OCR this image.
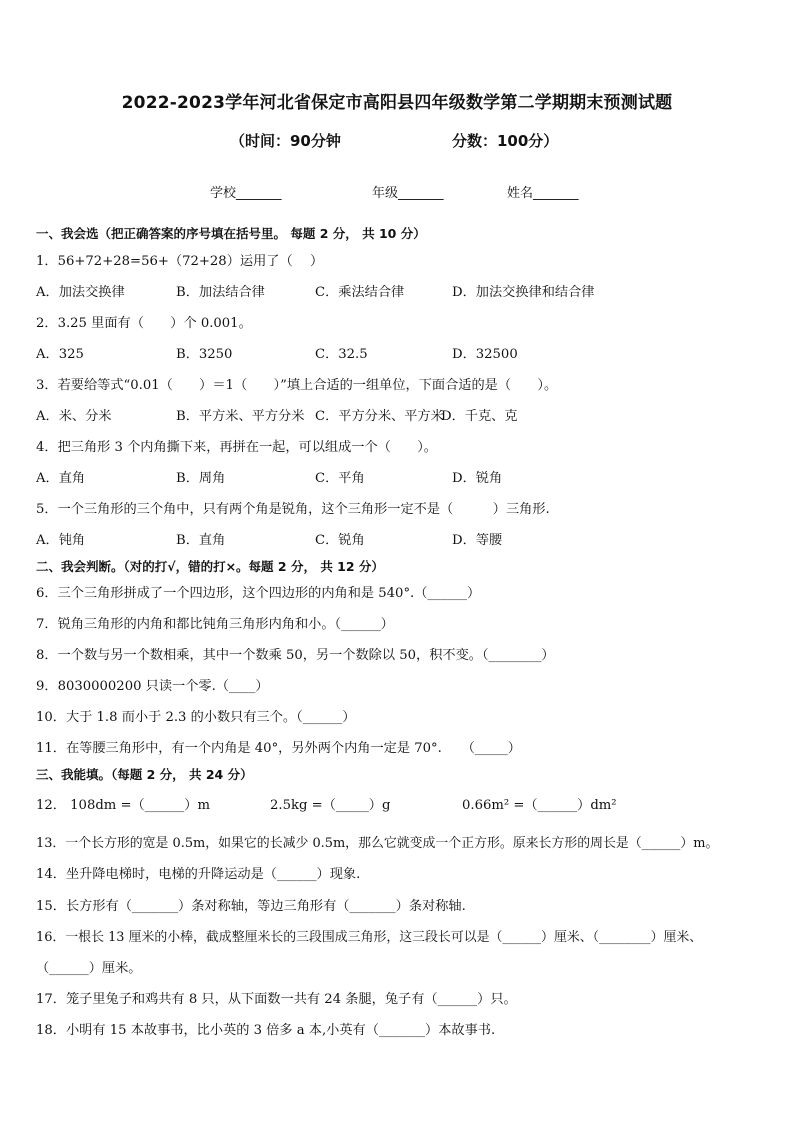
2022-2023学年河北省保定市高阳县四年级数学第二学期期末预测试题
（时间：90分钟	分数：100分）
学校_______	年级_______	姓名_______
一、我会选（把正确答案的序号填在括号里。 每题 2 分， 共 10 分）
1．56+72+28=56+（72+28）运用了（　 ）
A．加法交换律	B．加法结合律	C．乘法结合律	D．加法交换律和结合律
2．3.25 里面有（　　）个 0.001。
A．325	B．3250	C．32.5	D．32500
3．若要给等式“0.01（　　）＝1（　　）”填上合适的一组单位，下面合适的是（　　）。
A．米、分米	B．平方米、平方分米 C．平方分米、平方米
D．千克、克
4．把三角形 3 个内角撕下来，再拼在一起，可以组成一个（　　）。
A．直角	B．周角	C．平角	D．锐角
5．一个三角形的三个角中，只有两个角是锐角，这个三角形一定不是（　　　）三角形.
A．钝角	B．直角	C．锐角	D．等腰
二、我会判断。（对的打√，错的打×。每题 2 分， 共 12 分）
6．三个三角形拼成了一个四边形，这个四边形的内角和是 540°.（______）
7．锐角三角形的内角和都比钝角三角形内角和小。（______）
8．一个数与另一个数相乘，其中一个数乘 50，另一个数除以 50，积不变。（________）
9．8030000200 只读一个零.（____）
10．大于 1.8 而小于 2.3 的小数只有三个。（______）
11．在等腰三角形中，有一个内角是 40°，另外两个内角一定是 70°.　　（_____）
三、我能填。（每题 2 分， 共 24 分）
12． 108dm =（______）m	2.5kg =（_____）g	0.66m² =（______）dm²
13．一个长方形的宽是 0.5m，如果它的长减少 0.5m，那么它就变成一个正方形。原来长方形的周长是（______）m。
14．坐升降电梯时，电梯的升降运动是（______）现象.
15．长方形有（_______）条对称轴，等边三角形有（_______）条对称轴.
16．一根长 13 厘米的小棒，截成整厘米长的三段围成三角形，这三段长可以是（______）厘米、（________）厘米、
（______）厘米。
17．笼子里兔子和鸡共有 8 只，从下面数一共有 24 条腿，兔子有（______）只。
18．小明有 15 本故事书，比小英的 3 倍多 a 本,小英有（_______）本故事书.
